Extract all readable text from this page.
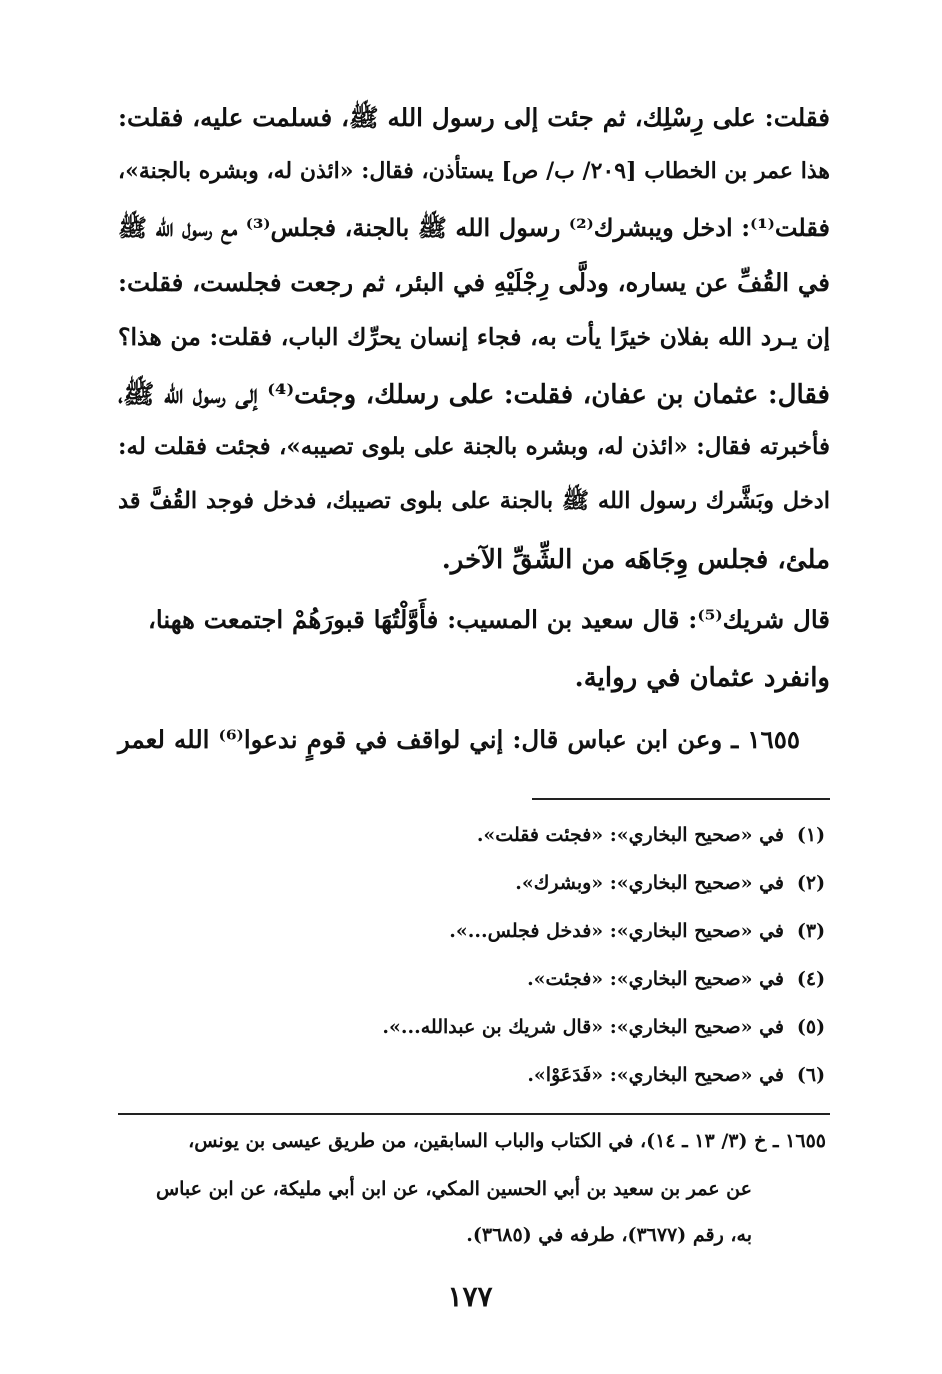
فقلت: على رِسْلِك، ثم جئت إلى رسول الله ﷺ، فسلمت عليه، فقلت:
هذا عمر بن الخطاب [٢٠٩/ ب/ ص] يستأذن، فقال: «ائذن له، وبشره بالجنة»،
فقلت⁽¹⁾: ادخل ويبشرك⁽²⁾ رسول الله ﷺ بالجنة، فجلس⁽³⁾ مع رسول الله ﷺ
في القُفِّ عن يساره، ودلَّى رِجْلَيْهِ في البئر، ثم رجعت فجلست، فقلت:
إن يـرد الله بفلان خيرًا يأت به، فجاء إنسان يحرِّك الباب، فقلت: من هذا؟
فقال: عثمان بن عفان، فقلت: على رسلك، وجئت⁽⁴⁾ إلى رسول الله ﷺ،
فأخبرته فقال: «ائذن له، وبشره بالجنة على بلوى تصيبه»، فجئت فقلت له:
ادخل وبَشَّرك رسول الله ﷺ بالجنة على بلوى تصيبك، فدخل فوجد القُفَّ قد
ملئ، فجلس وِجَاهَه من الشِّقِّ الآخر.
قال شريك⁽⁵⁾: قال سعيد بن المسيب: فأَوَّلْتُهَا قبورَهُمْ اجتمعت ههنا،
وانفرد عثمان في رواية.
١٦٥٥ ـ وعن ابن عباس قال: إني لواقف في قومٍ ندعوا⁽⁶⁾ الله لعمر
(١)في «صحيح البخاري»: «فجئت فقلت».
(٢)في «صحيح البخاري»: «وبشرك».
(٣)في «صحيح البخاري»: «فدخل فجلس...».
(٤)في «صحيح البخاري»: «فجئت».
(٥)في «صحيح البخاري»: «قال شريك بن عبدالله...».
(٦)في «صحيح البخاري»: «فَدَعَوْا».
١٦٥٥ ـ خ (٣/ ١٣ ـ ١٤)، في الكتاب والباب السابقين، من طريق عيسى بن يونس،
عن عمر بن سعيد بن أبي الحسين المكي، عن ابن أبي مليكة، عن ابن عباس
به، رقم (٣٦٧٧)، طرفه في (٣٦٨٥).
١٧٧
